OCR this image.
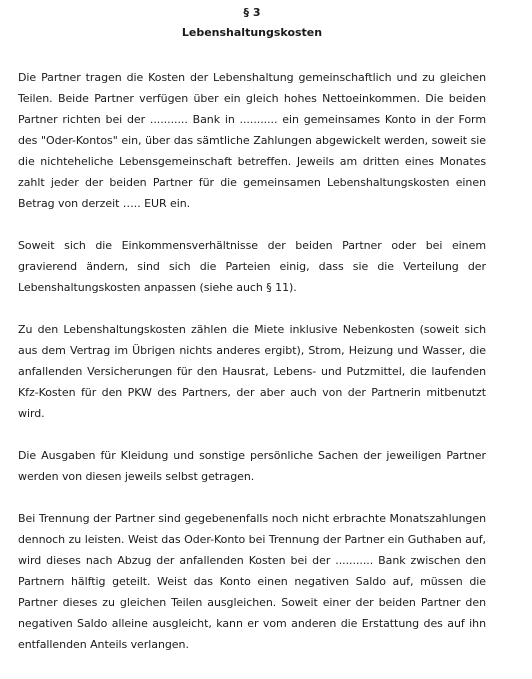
§ 3

Lebenshaltungskosten

Die Partner tragen die Kosten der Lebenshaltung gemeinschaftlich und zu gleichen Teilen. Beide Partner verfügen über ein gleich hohes Nettoeinkommen. Die beiden Partner richten bei der ........... Bank in ........... ein gemeinsames Konto in der Form des "Oder-Kontos" ein, über das sämtliche Zahlungen abgewickelt werden, soweit sie die nichteheliche Lebensgemeinschaft betreffen. Jeweils am dritten eines Monates zahlt jeder der beiden Partner für die gemeinsamen Lebenshaltungskosten einen Betrag von derzeit ….. EUR ein.

Soweit sich die Einkommensverhältnisse der beiden Partner oder bei einem gravierend ändern, sind sich die Parteien einig, dass sie die Verteilung der Lebenshaltungskosten anpassen (siehe auch § 11).

Zu den Lebenshaltungskosten zählen die Miete inklusive Nebenkosten (soweit sich aus dem Vertrag im Übrigen nichts anderes ergibt), Strom, Heizung und Wasser, die anfallenden Versicherungen für den Hausrat, Lebens- und Putzmittel, die laufenden Kfz-Kosten für den PKW des Partners, der aber auch von der Partnerin mitbenutzt wird.

Die Ausgaben für Kleidung und sonstige persönliche Sachen der jeweiligen Partner werden von diesen jeweils selbst getragen.

Bei Trennung der Partner sind gegebenenfalls noch nicht erbrachte Monatszahlungen dennoch zu leisten. Weist das Oder-Konto bei Trennung der Partner ein Guthaben auf, wird dieses nach Abzug der anfallenden Kosten bei der ........... Bank zwischen den Partnern hälftig geteilt. Weist das Konto einen negativen Saldo auf, müssen die Partner dieses zu gleichen Teilen ausgleichen. Soweit einer der beiden Partner den negativen Saldo alleine ausgleicht, kann er vom anderen die Erstattung des auf ihn entfallenden Anteils verlangen.
